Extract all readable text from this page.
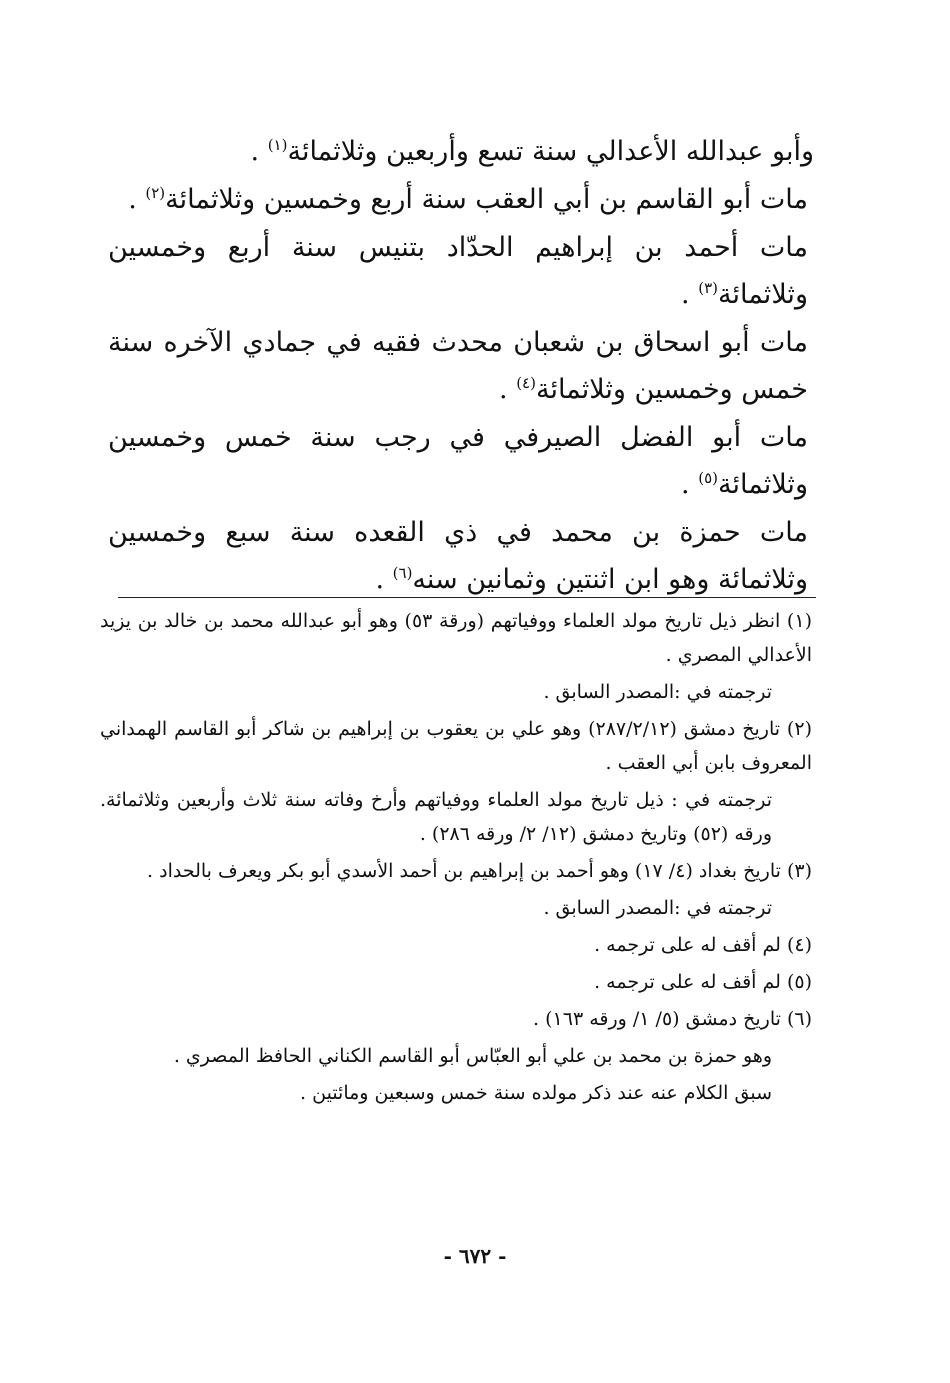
وأبو عبدالله الأعدالي سنة تسع وأربعين وثلاثمائة$^{(١)}$ .

مات أبو القاسم بن أبي العقب سنة أربع وخمسين وثلاثمائة$^{(٢)}$ .

مات أحمد بن إبراهيم الحدّاد بتنيس سنة أربع وخمسين وثلاثمائة$^{(٣)}$ .

مات أبو اسحاق بن شعبان محدث فقيه في جمادي الآخره سنة خمس وخمسين وثلاثمائة$^{(٤)}$ .

مات أبو الفضل الصيرفي في رجب سنة خمس وخمسين وثلاثمائة$^{(٥)}$ .

مات حمزة بن محمد في ذي القعده سنة سبع وخمسين وثلاثمائة وهو ابن اثنتين وثمانين سنه$^{(٦)}$ .

(١) انظر ذيل تاريخ مولد العلماء ووفياتهم (ورقة ٥٣) وهو أبو عبدالله محمد بن خالد بن يزيد الأعدالي المصري .

ترجمته في :المصدر السابق .

(٢) تاريخ دمشق (٢٨٧/٢/١٢) وهو علي بن يعقوب بن إبراهيم بن شاكر أبو القاسم الهمداني المعروف بابن أبي العقب .

ترجمته في : ذيل تاريخ مولد العلماء ووفياتهم وأرخ وفاته سنة ثلاث وأربعين وثلاثمائة. ورقه (٥٢) وتاريخ دمشق (١٢/ ٢/ ورقه ٢٨٦) .

(٣) تاريخ بغداد (٤/ ١٧) وهو أحمد بن إبراهيم بن أحمد الأسدي أبو بكر ويعرف بالحداد .

ترجمته في :المصدر السابق .

(٤) لم أقف له على ترجمه .

(٥) لم أقف له على ترجمه .

(٦) تاريخ دمشق (٥/ ١/ ورقه ١٦٣) .

وهو حمزة بن محمد بن علي أبو العبّاس أبو القاسم الكناني الحافظ المصري .

سبق الكلام عنه عند ذكر مولده سنة خمس وسبعين ومائتين .

- ٦٧٢ -
